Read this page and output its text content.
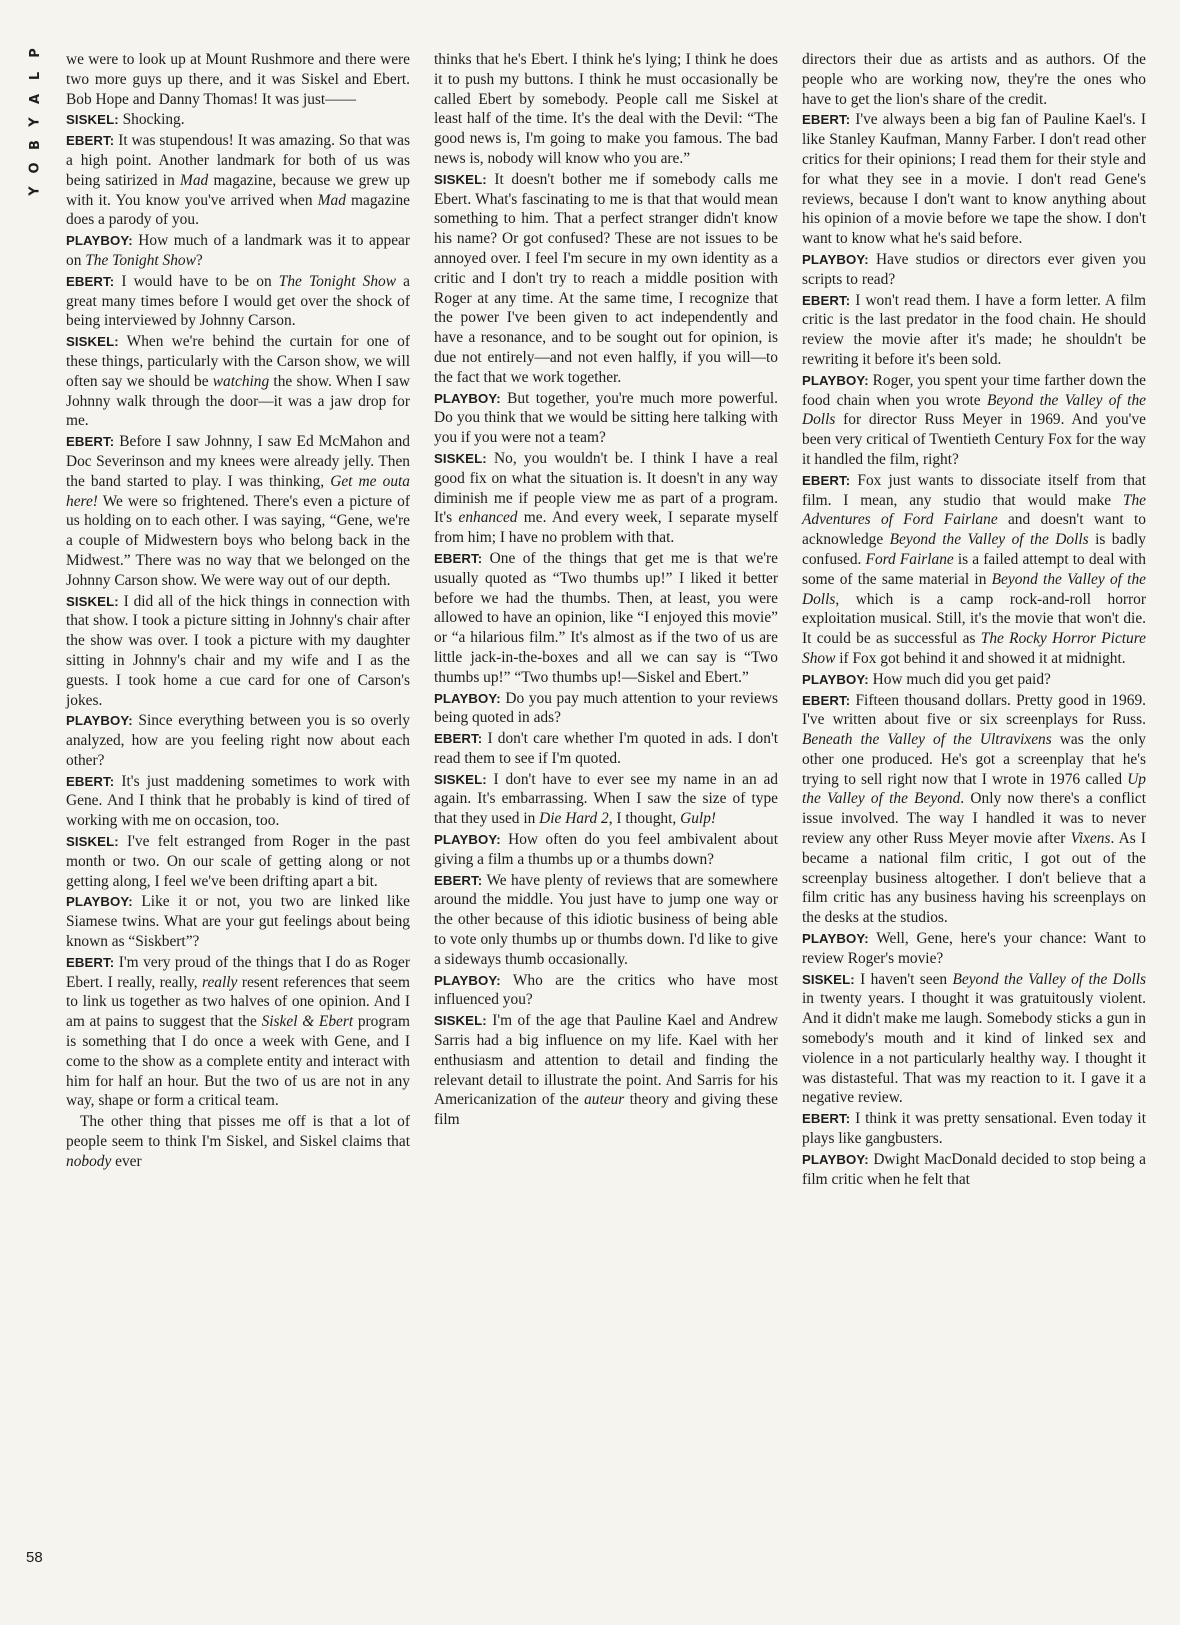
P
L
A
Y
B
O
Y
58

we were to look up at Mount Rushmore and there were two more guys up there, and it was Siskel and Ebert. Bob Hope and Danny Thomas! It was just——

SISKEL: Shocking.

EBERT: It was stupendous! It was amazing. So that was a high point. Another landmark for both of us was being satirized in Mad magazine, because we grew up with it. You know you've arrived when Mad magazine does a parody of you.

PLAYBOY: How much of a landmark was it to appear on The Tonight Show?

EBERT: I would have to be on The Tonight Show a great many times before I would get over the shock of being interviewed by Johnny Carson.

SISKEL: When we're behind the curtain for one of these things, particularly with the Carson show, we will often say we should be watching the show. When I saw Johnny walk through the door—it was a jaw drop for me.

EBERT: Before I saw Johnny, I saw Ed McMahon and Doc Severinson and my knees were already jelly. Then the band started to play. I was thinking, Get me outa here! We were so frightened. There's even a picture of us holding on to each other. I was saying, “Gene, we're a couple of Midwestern boys who belong back in the Midwest.” There was no way that we belonged on the Johnny Carson show. We were way out of our depth.

SISKEL: I did all of the hick things in connection with that show. I took a picture sitting in Johnny's chair after the show was over. I took a picture with my daughter sitting in Johnny's chair and my wife and I as the guests. I took home a cue card for one of Carson's jokes.

PLAYBOY: Since everything between you is so overly analyzed, how are you feeling right now about each other?

EBERT: It's just maddening sometimes to work with Gene. And I think that he probably is kind of tired of working with me on occasion, too.

SISKEL: I've felt estranged from Roger in the past month or two. On our scale of getting along or not getting along, I feel we've been drifting apart a bit.

PLAYBOY: Like it or not, you two are linked like Siamese twins. What are your gut feelings about being known as “Siskbert”?

EBERT: I'm very proud of the things that I do as Roger Ebert. I really, really, really resent references that seem to link us together as two halves of one opinion. And I am at pains to suggest that the Siskel & Ebert program is something that I do once a week with Gene, and I come to the show as a complete entity and interact with him for half an hour. But the two of us are not in any way, shape or form a critical team.

The other thing that pisses me off is that a lot of people seem to think I'm Siskel, and Siskel claims that nobody ever

thinks that he's Ebert. I think he's lying; I think he does it to push my buttons. I think he must occasionally be called Ebert by somebody. People call me Siskel at least half of the time. It's the deal with the Devil: “The good news is, I'm going to make you famous. The bad news is, nobody will know who you are.”

SISKEL: It doesn't bother me if somebody calls me Ebert. What's fascinating to me is that that would mean something to him. That a perfect stranger didn't know his name? Or got confused? These are not issues to be annoyed over. I feel I'm secure in my own identity as a critic and I don't try to reach a middle position with Roger at any time. At the same time, I recognize that the power I've been given to act independently and have a resonance, and to be sought out for opinion, is due not entirely—and not even halfly, if you will—to the fact that we work together.

PLAYBOY: But together, you're much more powerful. Do you think that we would be sitting here talking with you if you were not a team?

SISKEL: No, you wouldn't be. I think I have a real good fix on what the situation is. It doesn't in any way diminish me if people view me as part of a program. It's enhanced me. And every week, I separate myself from him; I have no problem with that.

EBERT: One of the things that get me is that we're usually quoted as “Two thumbs up!” I liked it better before we had the thumbs. Then, at least, you were allowed to have an opinion, like “I enjoyed this movie” or “a hilarious film.” It's almost as if the two of us are little jack-in-the-boxes and all we can say is “Two thumbs up!” “Two thumbs up!—Siskel and Ebert.”

PLAYBOY: Do you pay much attention to your reviews being quoted in ads?

EBERT: I don't care whether I'm quoted in ads. I don't read them to see if I'm quoted.

SISKEL: I don't have to ever see my name in an ad again. It's embarrassing. When I saw the size of type that they used in Die Hard 2, I thought, Gulp!

PLAYBOY: How often do you feel ambivalent about giving a film a thumbs up or a thumbs down?

EBERT: We have plenty of reviews that are somewhere around the middle. You just have to jump one way or the other because of this idiotic business of being able to vote only thumbs up or thumbs down. I'd like to give a sideways thumb occasionally.

PLAYBOY: Who are the critics who have most influenced you?

SISKEL: I'm of the age that Pauline Kael and Andrew Sarris had a big influence on my life. Kael with her enthusiasm and attention to detail and finding the relevant detail to illustrate the point. And Sarris for his Americanization of the auteur theory and giving these film

directors their due as artists and as authors. Of the people who are working now, they're the ones who have to get the lion's share of the credit.

EBERT: I've always been a big fan of Pauline Kael's. I like Stanley Kaufman, Manny Farber. I don't read other critics for their opinions; I read them for their style and for what they see in a movie. I don't read Gene's reviews, because I don't want to know anything about his opinion of a movie before we tape the show. I don't want to know what he's said before.

PLAYBOY: Have studios or directors ever given you scripts to read?

EBERT: I won't read them. I have a form letter. A film critic is the last predator in the food chain. He should review the movie after it's made; he shouldn't be rewriting it before it's been sold.

PLAYBOY: Roger, you spent your time farther down the food chain when you wrote Beyond the Valley of the Dolls for director Russ Meyer in 1969. And you've been very critical of Twentieth Century Fox for the way it handled the film, right?

EBERT: Fox just wants to dissociate itself from that film. I mean, any studio that would make The Adventures of Ford Fairlane and doesn't want to acknowledge Beyond the Valley of the Dolls is badly confused. Ford Fairlane is a failed attempt to deal with some of the same material in Beyond the Valley of the Dolls, which is a camp rock-and-roll horror exploitation musical. Still, it's the movie that won't die. It could be as successful as The Rocky Horror Picture Show if Fox got behind it and showed it at midnight.

PLAYBOY: How much did you get paid?

EBERT: Fifteen thousand dollars. Pretty good in 1969. I've written about five or six screenplays for Russ. Beneath the Valley of the Ultravixens was the only other one produced. He's got a screenplay that he's trying to sell right now that I wrote in 1976 called Up the Valley of the Beyond. Only now there's a conflict issue involved. The way I handled it was to never review any other Russ Meyer movie after Vixens. As I became a national film critic, I got out of the screenplay business altogether. I don't believe that a film critic has any business having his screenplays on the desks at the studios.

PLAYBOY: Well, Gene, here's your chance: Want to review Roger's movie?

SISKEL: I haven't seen Beyond the Valley of the Dolls in twenty years. I thought it was gratuitously violent. And it didn't make me laugh. Somebody sticks a gun in somebody's mouth and it kind of linked sex and violence in a not particularly healthy way. I thought it was distasteful. That was my reaction to it. I gave it a negative review.

EBERT: I think it was pretty sensational. Even today it plays like gangbusters.

PLAYBOY: Dwight MacDonald decided to stop being a film critic when he felt that
